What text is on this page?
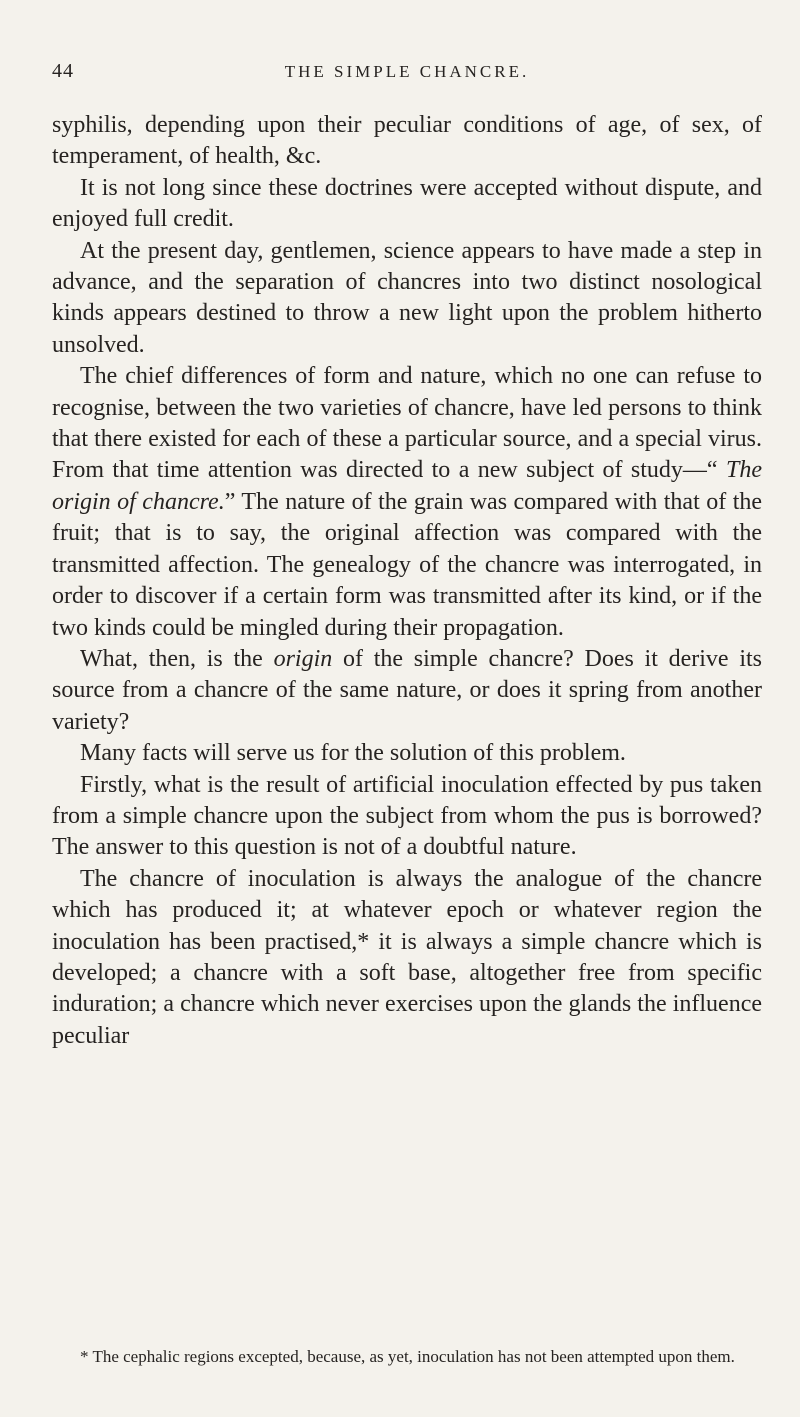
44	THE SIMPLE CHANCRE.

syphilis, depending upon their peculiar conditions of age, of sex, of temperament, of health, &c.

It is not long since these doctrines were accepted without dispute, and enjoyed full credit.

At the present day, gentlemen, science appears to have made a step in advance, and the separation of chancres into two distinct nosological kinds appears destined to throw a new light upon the problem hitherto unsolved.

The chief differences of form and nature, which no one can refuse to recognise, between the two varieties of chancre, have led persons to think that there existed for each of these a particular source, and a special virus. From that time attention was directed to a new subject of study—“ The origin of chancre.” The nature of the grain was compared with that of the fruit; that is to say, the original affection was compared with the transmitted affection. The genealogy of the chancre was interrogated, in order to discover if a certain form was transmitted after its kind, or if the two kinds could be mingled during their propagation.

What, then, is the origin of the simple chancre? Does it derive its source from a chancre of the same nature, or does it spring from another variety?

Many facts will serve us for the solution of this problem.

Firstly, what is the result of artificial inoculation effected by pus taken from a simple chancre upon the subject from whom the pus is borrowed? The answer to this question is not of a doubtful nature.

The chancre of inoculation is always the analogue of the chancre which has produced it; at whatever epoch or whatever region the inoculation has been practised,* it is always a simple chancre which is developed; a chancre with a soft base, altogether free from specific induration; a chancre which never exercises upon the glands the influence peculiar

* The cephalic regions excepted, because, as yet, inoculation has not been attempted upon them.
